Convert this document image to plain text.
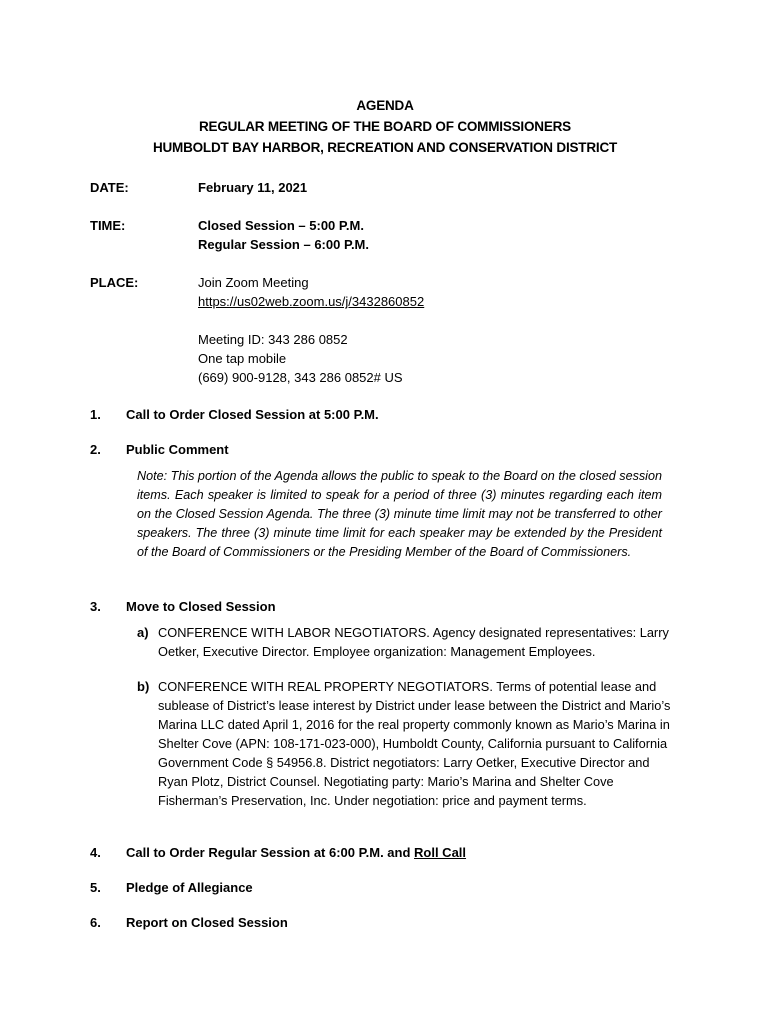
AGENDA
REGULAR MEETING OF THE BOARD OF COMMISSIONERS
HUMBOLDT BAY HARBOR, RECREATION AND CONSERVATION DISTRICT
DATE:	February 11, 2021
TIME:	Closed Session – 5:00 P.M.
Regular Session – 6:00 P.M.
PLACE:	Join Zoom Meeting
https://us02web.zoom.us/j/3432860852
Meeting ID: 343 286 0852
One tap mobile
(669) 900-9128, 343 286 0852# US
1. Call to Order Closed Session at 5:00 P.M.
2. Public Comment
Note: This portion of the Agenda allows the public to speak to the Board on the closed session items. Each speaker is limited to speak for a period of three (3) minutes regarding each item on the Closed Session Agenda. The three (3) minute time limit may not be transferred to other speakers. The three (3) minute time limit for each speaker may be extended by the President of the Board of Commissioners or the Presiding Member of the Board of Commissioners.
3. Move to Closed Session
a) CONFERENCE WITH LABOR NEGOTIATORS. Agency designated representatives: Larry Oetker, Executive Director. Employee organization: Management Employees.
b) CONFERENCE WITH REAL PROPERTY NEGOTIATORS. Terms of potential lease and sublease of District’s lease interest by District under lease between the District and Mario’s Marina LLC dated April 1, 2016 for the real property commonly known as Mario’s Marina in Shelter Cove (APN: 108-171-023-000), Humboldt County, California pursuant to California Government Code § 54956.8. District negotiators: Larry Oetker, Executive Director and Ryan Plotz, District Counsel. Negotiating party: Mario’s Marina and Shelter Cove Fisherman’s Preservation, Inc. Under negotiation: price and payment terms.
4. Call to Order Regular Session at 6:00 P.M. and Roll Call
5. Pledge of Allegiance
6. Report on Closed Session
